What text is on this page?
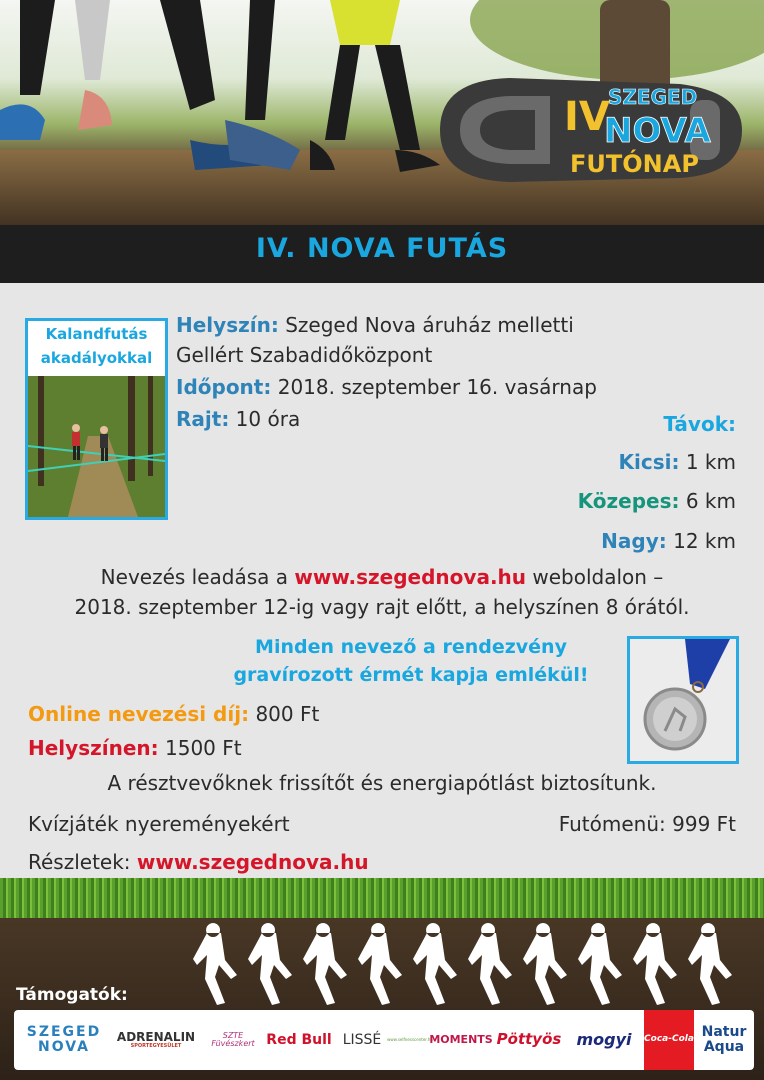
IV
SZEGED
NOVA
FUTÓNAP
IV. NOVA FUTÁS
Kalandfutás
akadályokkal
Helyszín: Szeged Nova áruház melletti
Gellért Szabadidőközpont
Időpont: 2018. szeptember 16. vasárnap
Rajt: 10 óra	Távok:
Kicsi: 1 km
Közepes: 6 km
Nagy: 12 km
Nevezés leadása a www.szegednova.hu weboldalon –
2018. szeptember 12-ig vagy rajt előtt, a helyszínen 8 órától.
Minden nevező a rendezvény
gravírozott érmét kapja emlékül!
Online nevezési díj: 800 Ft
Helyszínen: 1500 Ft
A résztvevőknek frissítőt és energiapótlást biztosítunk.
Kvízjáték nyereményekért	Futómenü: 999 Ft
Részletek: www.szegednova.hu
Támogatók:
SZEGED
NOVA
ADRENALIN
SPORTEGYESÜLET
SZTE
Füvészkert Red Bull LISSÉ	www.selfnesscenter.hu
MOMENTS Pöttyös mogyi	Coca-Cola Natur
Aqua
